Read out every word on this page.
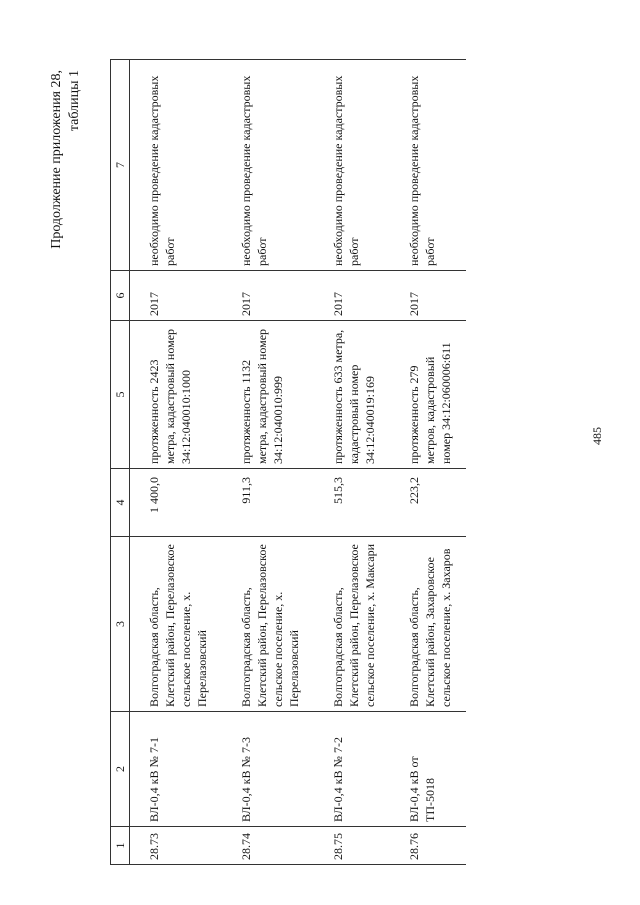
485
Продолжение приложения 28, таблицы 1
1	2	3	4	5	6	7
28.73	ВЛ-0,4 кВ № 7-1	Волгоградская область, Клетский район, Перелазовское сельское поселение, х. Перелазовский	1 400,0	протяженность 2423 метра, кадастровый номер 34:12:040010:1000	2017	необходимо проведение кадастровых работ
28.74	ВЛ-0,4 кВ № 7-3	Волгоградская область, Клетский район, Перелазовское сельское поселение, х. Перелазовский	911,3	протяженность 1132 метра, кадастровый номер 34:12:040010:999	2017	необходимо проведение кадастровых работ
28.75	ВЛ-0,4 кВ № 7-2	Волгоградская область, Клетский район, Перелазовское сельское поселение, х. Максари	515,3	протяженность 633 метра, кадастровый номер 34:12:040019:169	2017	необходимо проведение кадастровых работ
28.76	ВЛ-0,4 кВ от ТП-5018	Волгоградская область, Клетский район, Захаровское сельское поселение, х. Захаров	223,2	протяженность 279 метров, кадастровый номер 34:12:060006:611	2017	необходимо проведение кадастровых работ
